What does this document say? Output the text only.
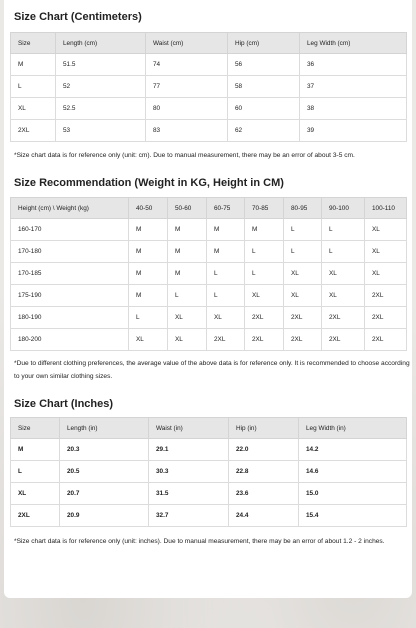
Size Chart (Centimeters)
Size	Length (cm)	Waist (cm)	Hip (cm)	Leg Width (cm)
M	51.5	74	56	36
L	52	77	58	37
XL	52.5	80	60	38
2XL	53	83	62	39
*Size chart data is for reference only (unit: cm). Due to manual measurement, there may be an error of about 3-5 cm.
Size Recommendation (Weight in KG, Height in CM)
Height (cm) \ Weight (kg)	40-50	50-60	60-75	70-85	80-95	90-100	100-110
160-170	M	M	M	M	L	L	XL
170-180	M	M	M	L	L	L	XL
170-185	M	M	L	L	XL	XL	XL
175-190	M	L	L	XL	XL	XL	2XL
180-190	L	XL	XL	2XL	2XL	2XL	2XL
180-200	XL	XL	2XL	2XL	2XL	2XL	2XL
*Due to different clothing preferences, the average value of the above data is for reference only. It is recommended to choose according to your own similar clothing sizes.
Size Chart (Inches)
Size	Length (in)	Waist (in)	Hip (in)	Leg Width (in)
M	20.3	29.1	22.0	14.2
L	20.5	30.3	22.8	14.6
XL	20.7	31.5	23.6	15.0
2XL	20.9	32.7	24.4	15.4
*Size chart data is for reference only (unit: inches). Due to manual measurement, there may be an error of about 1.2 - 2 inches.
